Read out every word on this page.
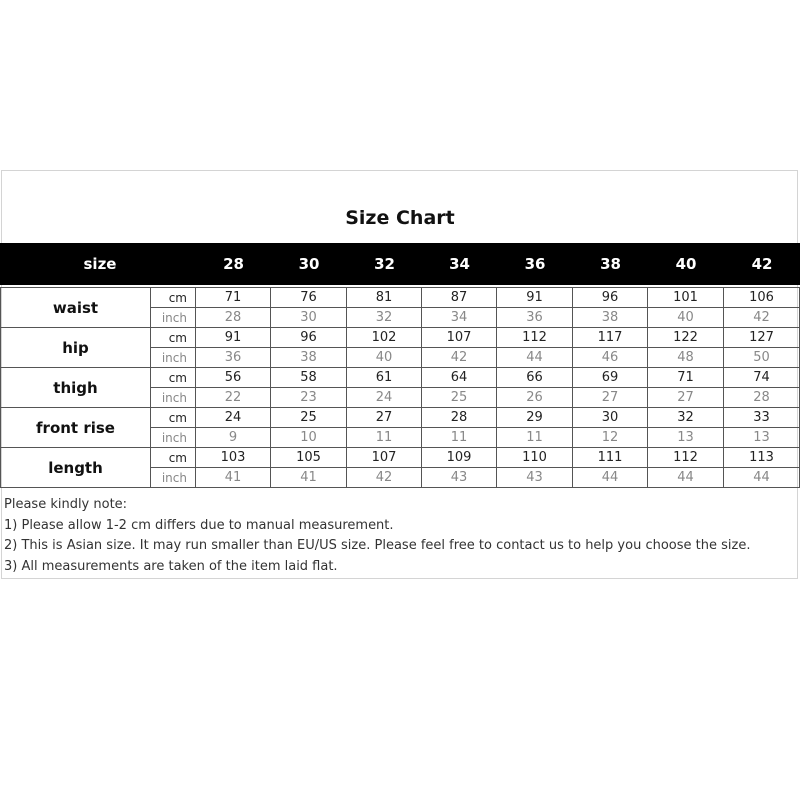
Size Chart
size	28	30	32	34	36	38	40	42
waist	cm	71	76	81	87	91	96	101	106
	inch	28	30	32	34	36	38	40	42
hip	cm	91	96	102	107	112	117	122	127
	inch	36	38	40	42	44	46	48	50
thigh	cm	56	58	61	64	66	69	71	74
	inch	22	23	24	25	26	27	27	28
front rise	cm	24	25	27	28	29	30	32	33
	inch	9	10	11	11	11	12	13	13
length	cm	103	105	107	109	110	111	112	113
	inch	41	41	42	43	43	44	44	44
Please kindly note:
1) Please allow 1-2 cm differs due to manual measurement.
2) This is Asian size. It may run smaller than EU/US size. Please feel free to contact us to help you choose the size.
3) All measurements are taken of the item laid flat.
